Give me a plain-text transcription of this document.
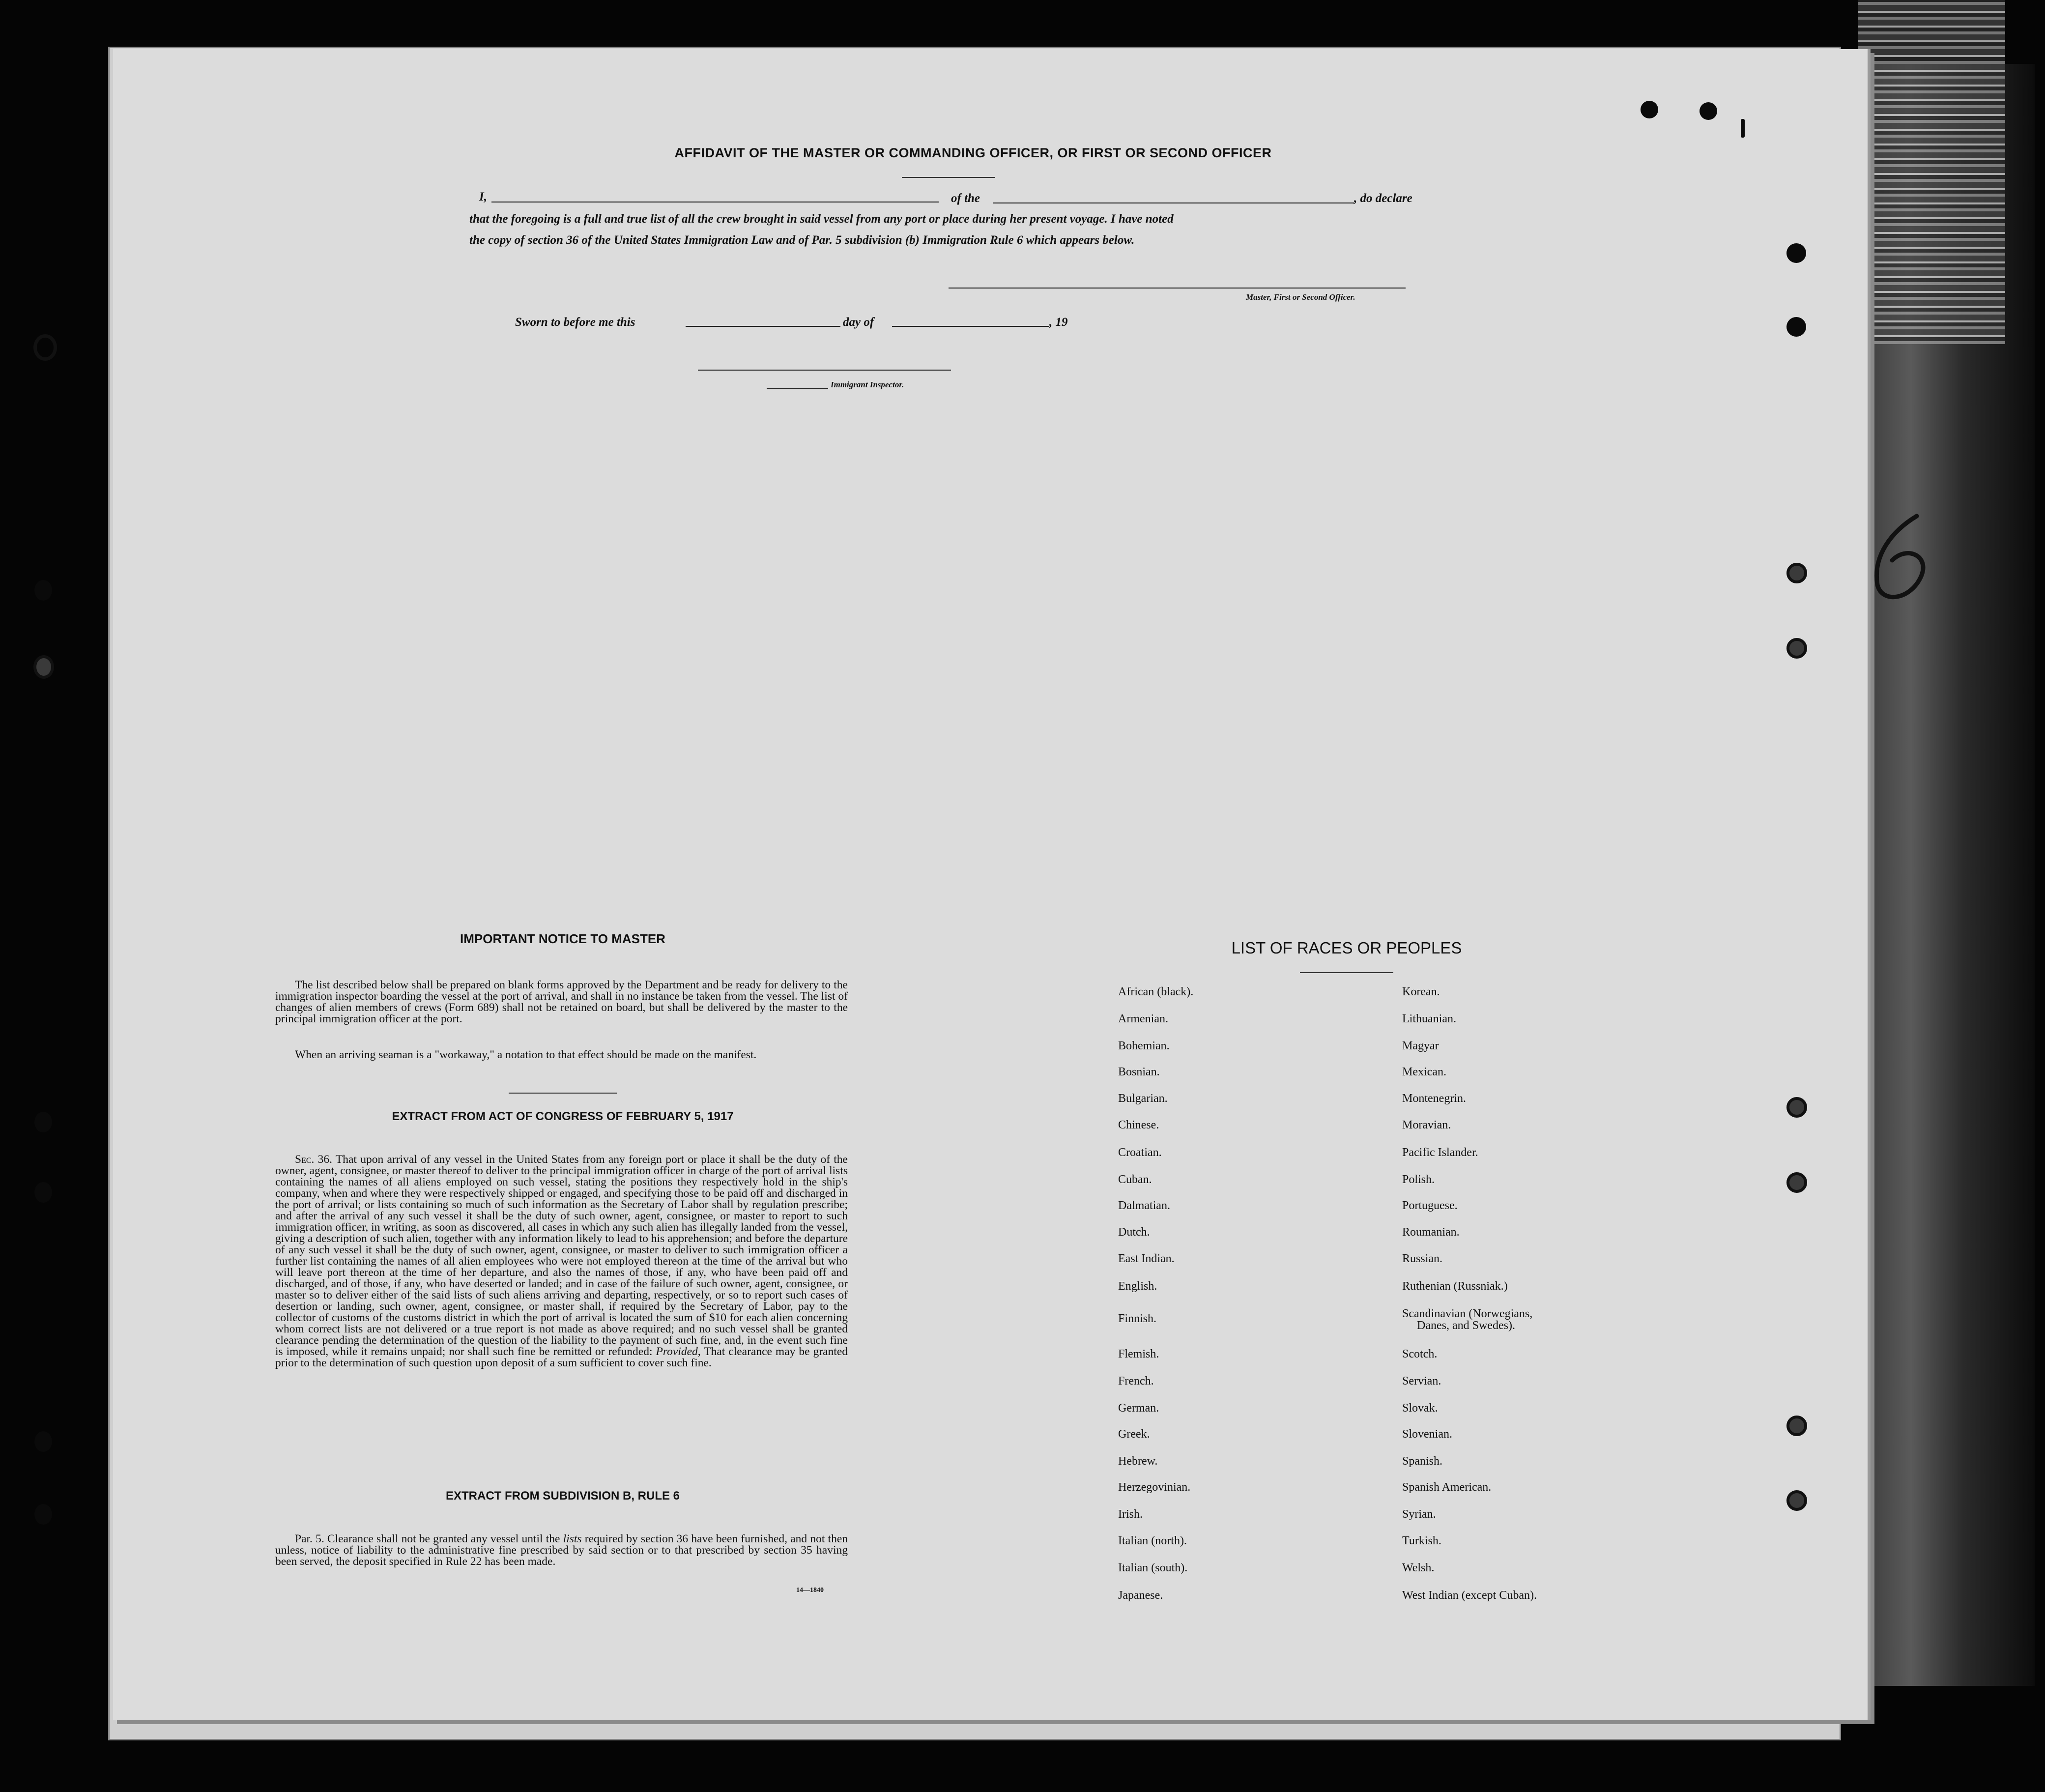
AFFIDAVIT OF THE MASTER OR COMMANDING OFFICER, OR FIRST OR SECOND OFFICER
I,	of the	, do declare
that the foregoing is a full and true list of all the crew brought in said vessel from any port or place during her present voyage. I have noted
the copy of section 36 of the United States Immigration Law and of Par. 5 subdivision (b) Immigration Rule 6 which appears below.
Master, First or Second Officer.
Sworn to before me this	day of	, 19
Immigrant Inspector.
IMPORTANT NOTICE TO MASTER
The list described below shall be prepared on blank forms approved by the Department and be ready for delivery to the immigration inspector boarding the vessel at the port of arrival, and shall in no instance be taken from the vessel. The list of changes of alien members of crews (Form 689) shall not be retained on board, but shall be delivered by the master to the principal immigration officer at the port.
When an arriving seaman is a "workaway," a notation to that effect should be made on the manifest.
EXTRACT FROM ACT OF CONGRESS OF FEBRUARY 5, 1917
Sec. 36. That upon arrival of any vessel in the United States from any foreign port or place it shall be the duty of the owner, agent, consignee, or master thereof to deliver to the principal immigration officer in charge of the port of arrival lists containing the names of all aliens employed on such vessel, stating the positions they respectively hold in the ship's company, when and where they were respectively shipped or engaged, and specifying those to be paid off and discharged in the port of arrival; or lists containing so much of such information as the Secretary of Labor shall by regulation prescribe; and after the arrival of any such vessel it shall be the duty of such owner, agent, consignee, or master to report to such immigration officer, in writing, as soon as discovered, all cases in which any such alien has illegally landed from the vessel, giving a description of such alien, together with any information likely to lead to his apprehension; and before the departure of any such vessel it shall be the duty of such owner, agent, consignee, or master to deliver to such immigration officer a further list containing the names of all alien employees who were not employed thereon at the time of the arrival but who will leave port thereon at the time of her departure, and also the names of those, if any, who have been paid off and discharged, and of those, if any, who have deserted or landed; and in case of the failure of such owner, agent, consignee, or master so to deliver either of the said lists of such aliens arriving and departing, respectively, or so to report such cases of desertion or landing, such owner, agent, consignee, or master shall, if required by the Secretary of Labor, pay to the collector of customs of the customs district in which the port of arrival is located the sum of $10 for each alien concerning whom correct lists are not delivered or a true report is not made as above required; and no such vessel shall be granted clearance pending the determination of the question of the liability to the payment of such fine, and, in the event such fine is imposed, while it remains unpaid; nor shall such fine be remitted or refunded: Provided, That clearance may be granted prior to the determination of such question upon deposit of a sum sufficient to cover such fine.
EXTRACT FROM SUBDIVISION B, RULE 6
Par. 5. Clearance shall not be granted any vessel until the lists required by section 36 have been furnished, and not then unless, notice of liability to the administrative fine prescribed by said section or to that prescribed by section 35 having been served, the deposit specified in Rule 22 has been made.
14—1840
LIST OF RACES OR PEOPLES
African (black).
Armenian.
Bohemian.
Bosnian.
Bulgarian.
Chinese.
Croatian.
Cuban.
Dalmatian.
Dutch.
East Indian.
English.
Finnish.
Flemish.
French.
German.
Greek.
Hebrew.
Herzegovinian.
Irish.
Italian (north).
Italian (south).
Japanese.
Korean.
Lithuanian.
Magyar
Mexican.
Montenegrin.
Moravian.
Pacific Islander.
Polish.
Portuguese.
Roumanian.
Russian.
Ruthenian (Russniak.)
Scandinavian (Norwegians,
Danes, and Swedes).
Scotch.
Servian.
Slovak.
Slovenian.
Spanish.
Spanish American.
Syrian.
Turkish.
Welsh.
West Indian (except Cuban).
